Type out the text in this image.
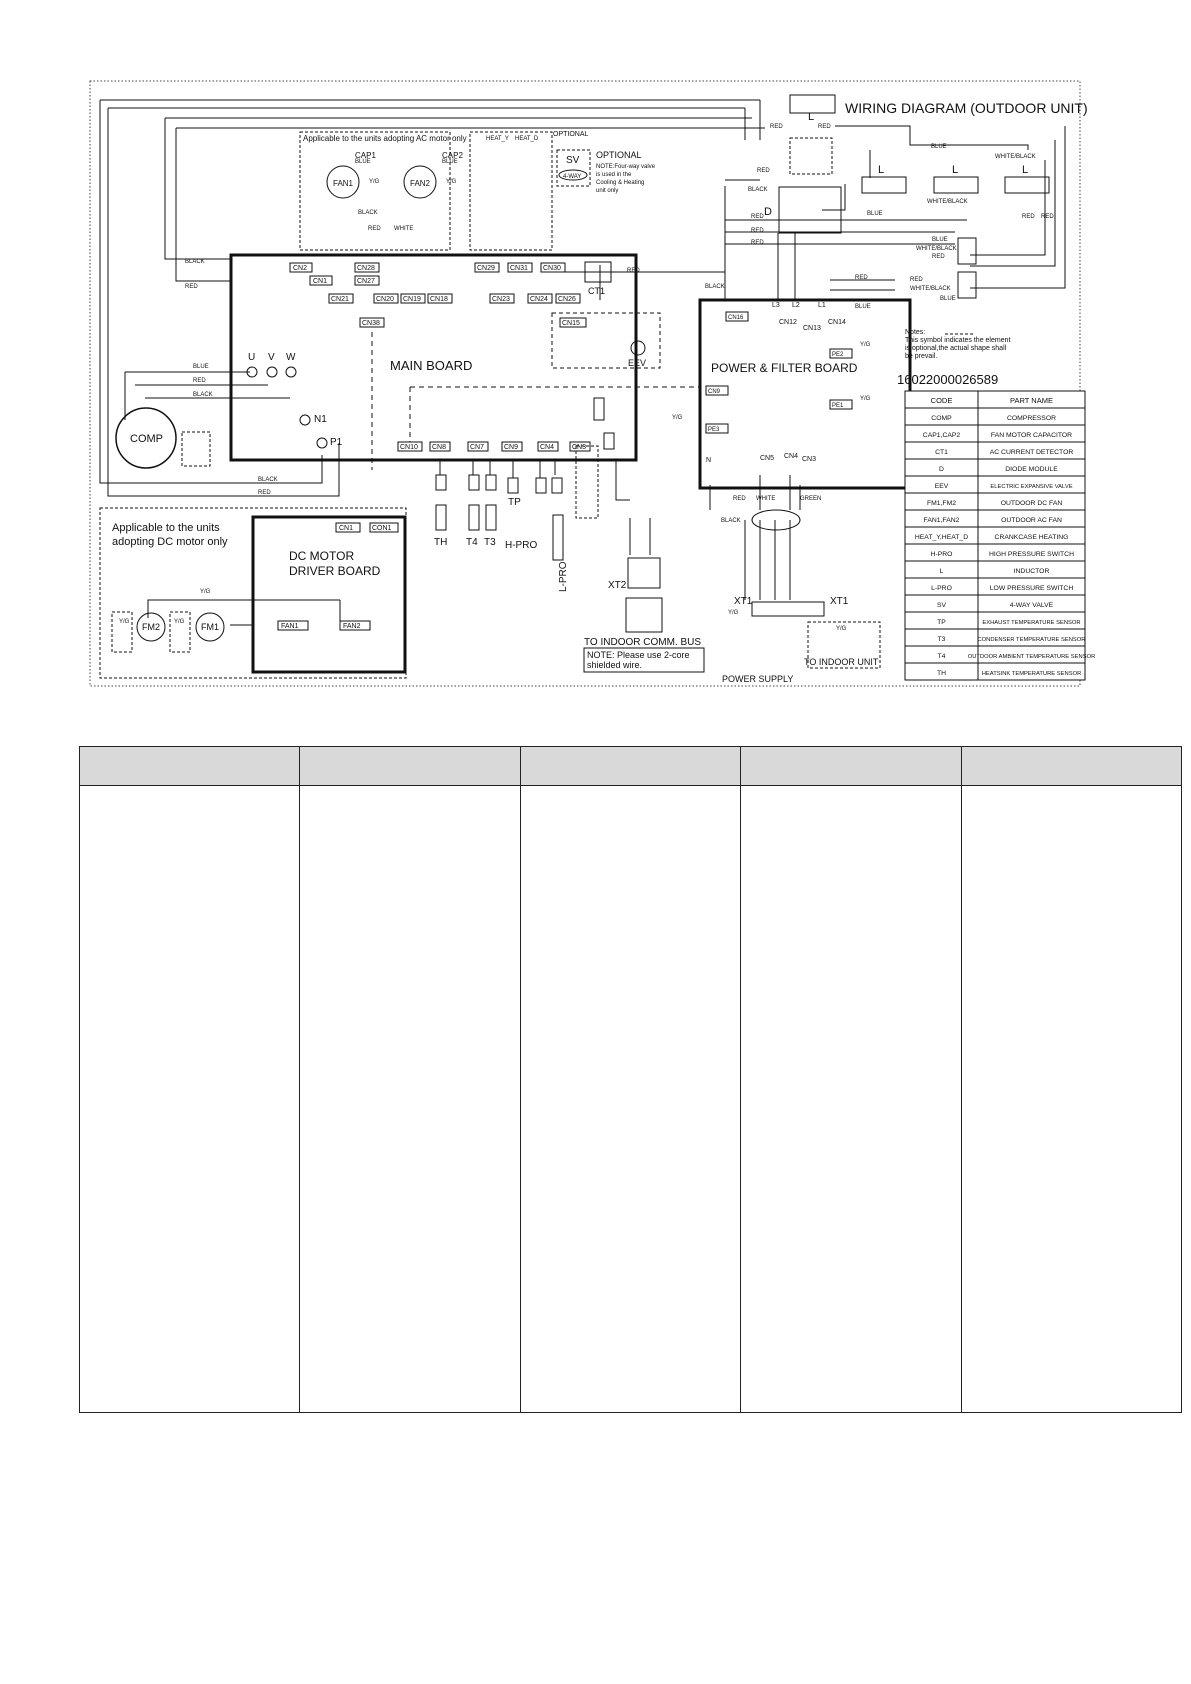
WIRING DIAGRAM (OUTDOOR UNIT)
16022000026589
MAIN BOARD
CN2
CN1
CN28
CN27
CN21	CN20 CN19 CN18
CN29 CN31 CN30
CN23	CN24 CN26
CN38
CN10 CN8	CN7	CN9	CN4	CN3
CT1
CN15
EEV
COMP
U V W
N1
P1
Applicable to the units adopting AC motor only
FAN1	FAN2
CAP1	CAP2
HEAT_Y HEAT_D
OPTIONAL
SV
4-WAY
OPTIONAL
NOTE:Four-way valve
is used in the
Cooling & Heating
unit only
D
L
L	L	L
POWER & FILTER BOARD
CN16
PE2
PE1
CN9
PE3
CN12
CN13
CN14
L3 L2	L1
N	CN5 CN4 CN3
Notes:
This symbol indicates the element
is optional,the actual shape shall
be prevail.
TH T4 T3
TP
H-PRO
L-PRO	XT2
TO INDOOR COMM. BUS
NOTE: Please use 2-core
shielded wire.
XT1	XT1
POWER SUPPLY
TO INDOOR UNIT
Applicable to the units
adopting DC motor only
DC MOTOR
DRIVER BOARD
CN1	CON1
FAN1	FAN2
FM1
FM2
BLACK
RED
BLUE
RED
BLACK
BLACK
RED
RED
BLACK
BLACK
RED
RED
RED
RED
RED	RED
BLUE
WHITE/BLACK
WHITE/BLACK
BLUE	RED RED
BLUE
WHITE/BLACK
RED
RED	RED
WHITE/BLACK
BLUE
BLUE
RED WHITE	GREEN
BLACK
Y/G
Y/G
Y/G
Y/G
Y/G
RED WHITE
BLACK
BLUE	BLUE
Y/G	Y/G
Y/G
Y/G	Y/G
CODE	PART NAME
COMP	COMPRESSOR
CAP1,CAP2	FAN MOTOR CAPACITOR
CT1	AC CURRENT DETECTOR
D	DIODE MODULE
EEV	ELECTRIC EXPANSIVE VALVE
FM1,FM2	OUTDOOR DC FAN
FAN1,FAN2	OUTDOOR AC FAN
HEAT_Y,HEAT_D	CRANKCASE HEATING
H-PRO	HIGH PRESSURE SWITCH
L	INDUCTOR
L-PRO	LOW PRESSURE SWITCH
SV	4-WAY VALVE
TP	EXHAUST TEMPERATURE SENSOR
T3	CONDENSER TEMPERATURE SENSOR
T4	OUTDOOR AMBIENT TEMPERATURE SENSOR
TH	HEATSINK TEMPERATURE SENSOR
